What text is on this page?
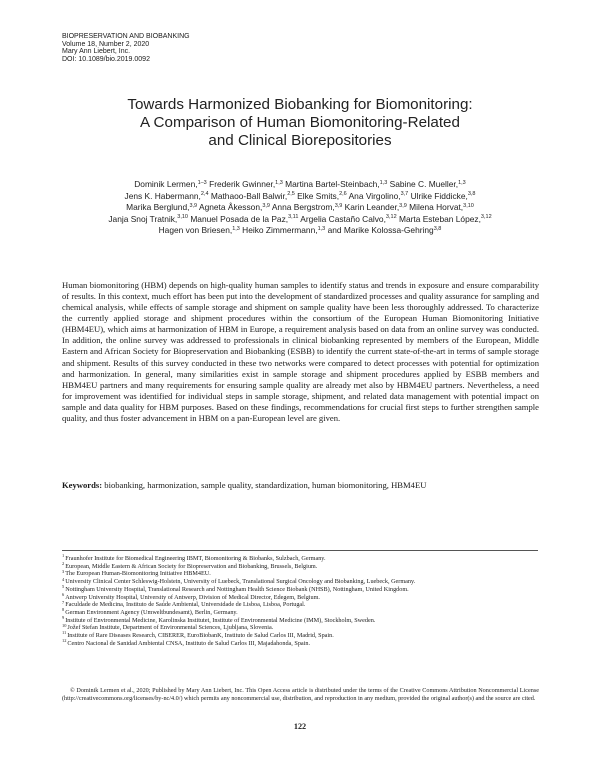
BIOPRESERVATION AND BIOBANKING
Volume 18, Number 2, 2020
Mary Ann Liebert, Inc.
DOI: 10.1089/bio.2019.0092
Towards Harmonized Biobanking for Biomonitoring:
A Comparison of Human Biomonitoring-Related
and Clinical Biorepositories
Dominik Lermen,$^{1-3}$ Frederik Gwinner,$^{1,3}$ Martina Bartel-Steinbach,$^{1,3}$ Sabine C. Mueller,$^{1,3}$
Jens K. Habermann,$^{2,4}$ Mathaoo-Ball Balwir,$^{2,5}$ Elke Smits,$^{2,6}$ Ana Virgolino,$^{3,7}$ Ulrike Fiddicke,$^{3,8}$
Marika Berglund,$^{3,9}$ Agneta Åkesson,$^{3,9}$ Anna Bergstrom,$^{3,9}$ Karin Leander,$^{3,9}$ Milena Horvat,$^{3,10}$
Janja Snoj Tratnik,$^{3,10}$ Manuel Posada de la Paz,$^{3,11}$ Argelia Castaño Calvo,$^{3,12}$ Marta Esteban López,$^{3,12}$
Hagen von Briesen,$^{1,3}$ Heiko Zimmermann,$^{1,3}$ and Marike Kolossa-Gehring$^{3,8}$
Human biomonitoring (HBM) depends on high-quality human samples to identify status and trends in exposure and ensure comparability of results. In this context, much effort has been put into the development of standardized processes and quality assurance for sampling and chemical analysis, while effects of sample storage and shipment on sample quality have been less thoroughly addressed. To characterize the currently applied storage and shipment procedures within the consortium of the European Human Biomonitoring Initiative (HBM4EU), which aims at harmonization of HBM in Europe, a requirement analysis based on data from an online survey was conducted. In addition, the online survey was addressed to professionals in clinical biobanking represented by members of the European, Middle Eastern and African Society for Biopreservation and Biobanking (ESBB) to identify the current state-of-the-art in terms of sample storage and shipment. Results of this survey conducted in these two networks were compared to detect processes with potential for optimization and harmonization. In general, many similarities exist in sample storage and shipment procedures applied by ESBB members and HBM4EU partners and many requirements for ensuring sample quality are already met also by HBM4EU partners. Nevertheless, a need for improvement was identified for individual steps in sample storage, shipment, and related data management with potential impact on sample and data quality for HBM purposes. Based on these findings, recommendations for crucial first steps to further strengthen sample quality, and thus foster advancement in HBM on a pan-European level are given.
Keywords: biobanking, harmonization, sample quality, standardization, human biomonitoring, HBM4EU
$^1$Fraunhofer Institute for Biomedical Engineering IBMT, Biomonitoring & Biobanks, Sulzbach, Germany.
$^2$European, Middle Eastern & African Society for Biopreservation and Biobanking, Brussels, Belgium.
$^3$The European Human-Biomonitoring Initiative HBM4EU.
$^4$University Clinical Center Schleswig-Holstein, University of Luebeck, Translational Surgical Oncology and Biobanking, Luebeck, Germany.
$^5$Nottingham University Hospital, Translational Research and Nottingham Health Science Biobank (NHSB), Nottingham, United Kingdom.
$^6$Antwerp University Hospital, University of Antwerp, Division of Medical Director, Edegem, Belgium.
$^7$Faculdade de Medicina, Instituto de Saúde Ambiental, Universidade de Lisboa, Lisboa, Portugal.
$^8$German Environment Agency (Umweltbundesamt), Berlin, Germany.
$^9$Institute of Environmental Medicine, Karolinska Institutet, Institute of Environmental Medicine (IMM), Stockholm, Sweden.
$^{10}$Jožef Stefan Institute, Department of Environmental Sciences, Ljubljana, Slovenia.
$^{11}$Institute of Rare Diseases Research, CIBERER, EuroBiobanK, Instituto de Salud Carlos III, Madrid, Spain.
$^{12}$Centro Nacional de Sanidad Ambiental CNSA, Instituto de Salud Carlos III, Majadahonda, Spain.
© Dominik Lermen et al., 2020; Published by Mary Ann Liebert, Inc. This Open Access article is distributed under the terms of the Creative Commons Attribution Noncommercial License (http://creativecommons.org/licenses/by-nc/4.0/) which permits any noncommercial use, distribution, and reproduction in any medium, provided the original author(s) and the source are cited.
122
